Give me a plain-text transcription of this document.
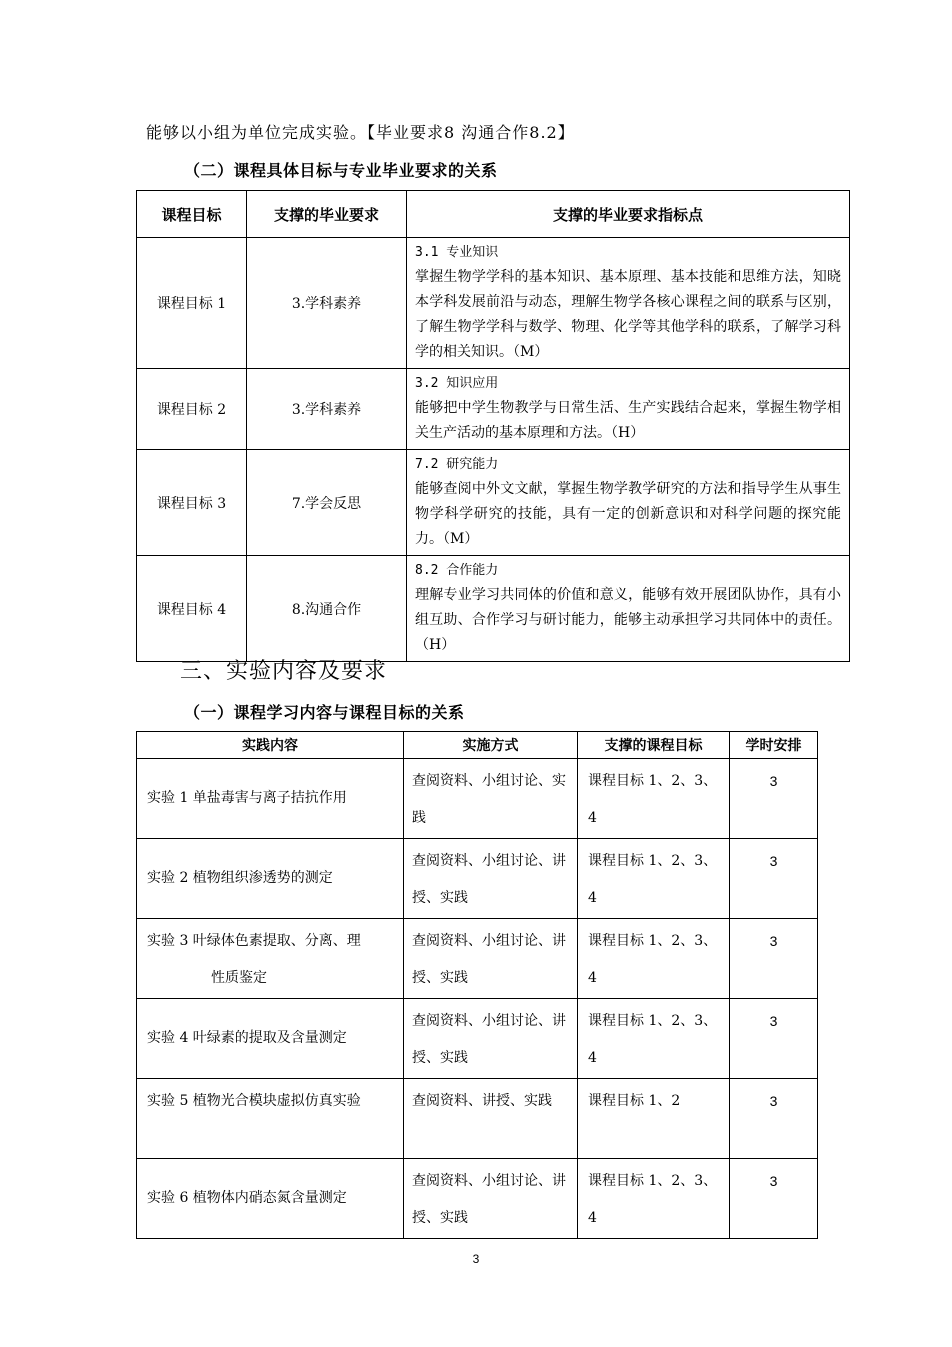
能够以小组为单位完成实验。【毕业要求8 沟通合作8.2】
（二）课程具体目标与专业毕业要求的关系
课程目标	支撑的毕业要求	支撑的毕业要求指标点
课程目标 1	3.学科素养	3.1 专业知识
掌握生物学学科的基本知识、基本原理、基本技能和思维方法，知晓本学科发展前沿与动态，理解生物学各核心课程之间的联系与区别，了解生物学学科与数学、物理、化学等其他学科的联系，了解学习科学的相关知识。（M）

课程目标 2	3.学科素养	3.2 知识应用
能够把中学生物教学与日常生活、生产实践结合起来，掌握生物学相关生产活动的基本原理和方法。（H）

课程目标 3	7.学会反思	7.2 研究能力
能够查阅中外文文献，掌握生物学教学研究的方法和指导学生从事生物学科学研究的技能，具有一定的创新意识和对科学问题的探究能力。（M）

课程目标 4	8.沟通合作	8.2 合作能力
理解专业学习共同体的价值和意义，能够有效开展团队协作，具有小组互助、合作学习与研讨能力，能够主动承担学习共同体中的责任。（H）
三、实验内容及要求
（一）课程学习内容与课程目标的关系
实践内容	实施方式	支撑的课程目标	学时安排
实验 1 单盐毒害与离子拮抗作用	查阅资料、小组讨论、实践	课程目标 1、2、3、4	3
实验 2 植物组织渗透势的测定	查阅资料、小组讨论、讲授、实践	课程目标 1、2、3、4	3

实验 3 叶绿体色素提取、分离、理
性质鉴定	查阅资料、小组讨论、讲授、实践	课程目标 1、2、3、4	3
实验 4 叶绿素的提取及含量测定	查阅资料、小组讨论、讲授、实践	课程目标 1、2、3、4	3
实验 5 植物光合模块虚拟仿真实验	查阅资料、讲授、实践	课程目标 1、2	3
实验 6 植物体内硝态氮含量测定	查阅资料、小组讨论、讲授、实践	课程目标 1、2、3、4	3
3
